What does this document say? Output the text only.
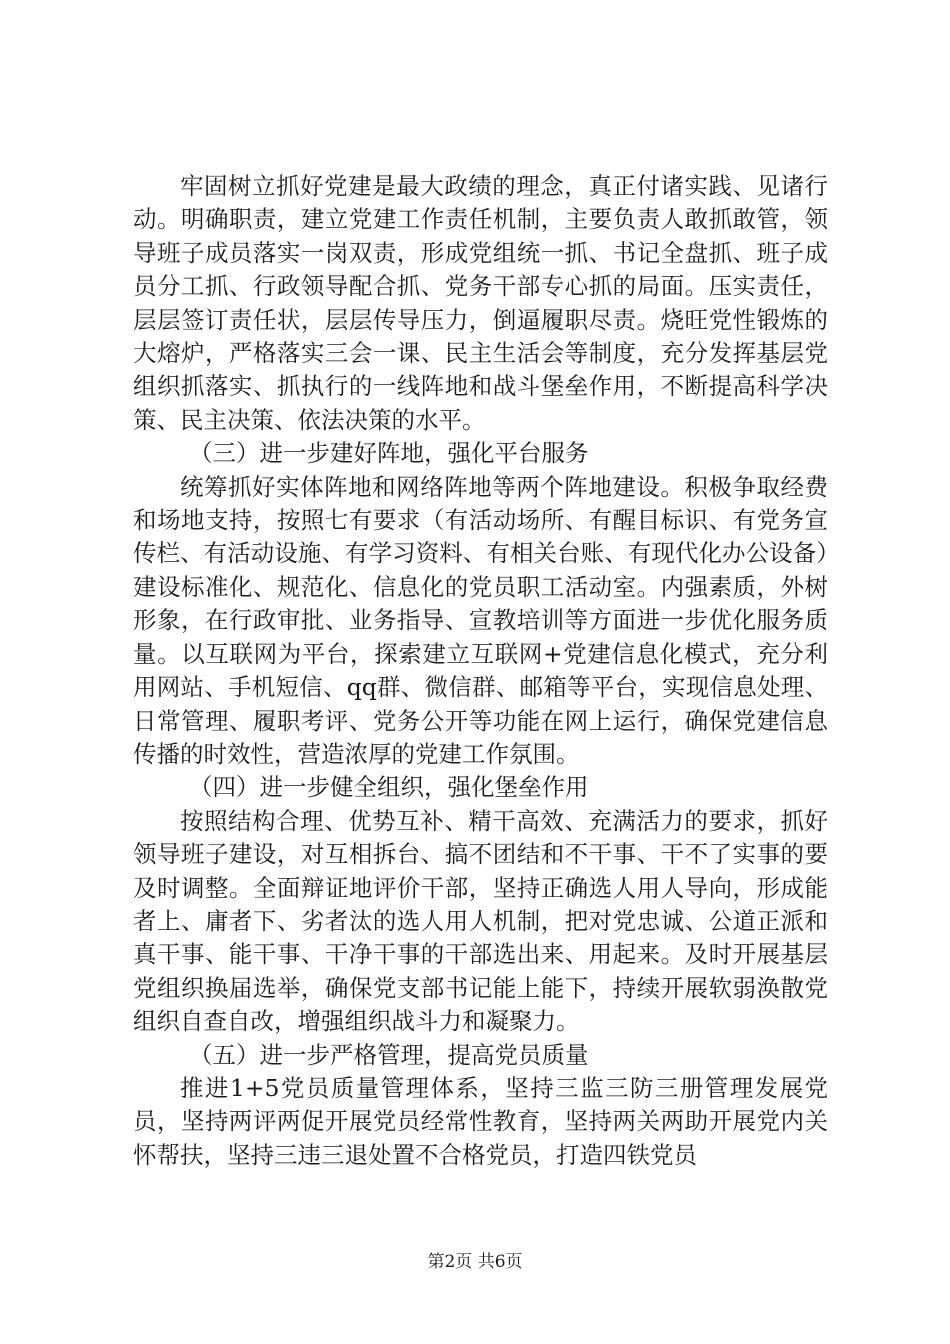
牢固树立抓好党建是最大政绩的理念，真正付诸实践、见诸行动。明确职责，建立党建工作责任机制，主要负责人敢抓敢管，领导班子成员落实一岗双责，形成党组统一抓、书记全盘抓、班子成员分工抓、行政领导配合抓、党务干部专心抓的局面。压实责任，层层签订责任状，层层传导压力，倒逼履职尽责。烧旺党性锻炼的大熔炉，严格落实三会一课、民主生活会等制度，充分发挥基层党组织抓落实、抓执行的一线阵地和战斗堡垒作用，不断提高科学决策、民主决策、依法决策的水平。

（三）进一步建好阵地，强化平台服务

统筹抓好实体阵地和网络阵地等两个阵地建设。积极争取经费和场地支持，按照七有要求（有活动场所、有醒目标识、有党务宣传栏、有活动设施、有学习资料、有相关台账、有现代化办公设备）建设标准化、规范化、信息化的党员职工活动室。内强素质，外树形象，在行政审批、业务指导、宣教培训等方面进一步优化服务质量。以互联网为平台，探索建立互联网+党建信息化模式，充分利用网站、手机短信、qq群、微信群、邮箱等平台，实现信息处理、日常管理、履职考评、党务公开等功能在网上运行，确保党建信息传播的时效性，营造浓厚的党建工作氛围。

（四）进一步健全组织，强化堡垒作用

按照结构合理、优势互补、精干高效、充满活力的要求，抓好领导班子建设，对互相拆台、搞不团结和不干事、干不了实事的要及时调整。全面辩证地评价干部，坚持正确选人用人导向，形成能者上、庸者下、劣者汰的选人用人机制，把对党忠诚、公道正派和真干事、能干事、干净干事的干部选出来、用起来。及时开展基层党组织换届选举，确保党支部书记能上能下，持续开展软弱涣散党组织自查自改，增强组织战斗力和凝聚力。

（五）进一步严格管理，提高党员质量

推进1+5党员质量管理体系，坚持三监三防三册管理发展党员，坚持两评两促开展党员经常性教育，坚持两关两助开展党内关怀帮扶，坚持三违三退处置不合格党员，打造四铁党员

第2页 共6页
